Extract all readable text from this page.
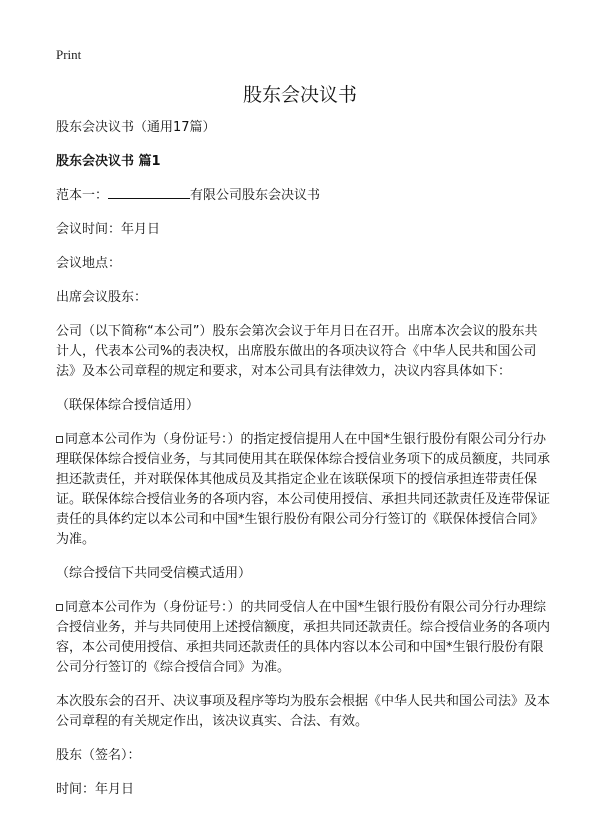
Print
股东会决议书

股东会决议书（通用17篇）

股东会决议书 篇1

范本一：	有限公司股东会决议书

会议时间：年月日

会议地点：

出席会议股东：

公司（以下简称“本公司”）股东会第次会议于年月日在召开。出席本次会议的股东共计人，代表本公司%的表决权，出席股东做出的各项决议符合《中华人民共和国公司法》及本公司章程的规定和要求，对本公司具有法律效力，决议内容具体如下：

（联保体综合授信适用）

同意本公司作为（身份证号：）的指定授信提用人在中国*生银行股份有限公司分行办理联保体综合授信业务，与其同使用其在联保体综合授信业务项下的成员额度，共同承担还款责任，并对联保体其他成员及其指定企业在该联保项下的授信承担连带责任保证。联保体综合授信业务的各项内容，本公司使用授信、承担共同还款责任及连带保证责任的具体约定以本公司和中国*生银行股份有限公司分行签订的《联保体授信合同》为准。

（综合授信下共同受信模式适用）

同意本公司作为（身份证号：）的共同受信人在中国*生银行股份有限公司分行办理综合授信业务，并与共同使用上述授信额度，承担共同还款责任。综合授信业务的各项内容，本公司使用授信、承担共同还款责任的具体内容以本公司和中国*生银行股份有限公司分行签订的《综合授信合同》为准。

本次股东会的召开、决议事项及程序等均为股东会根据《中华人民共和国公司法》及本公司章程的有关规定作出，该决议真实、合法、有效。

股东（签名）：

时间：年月日
